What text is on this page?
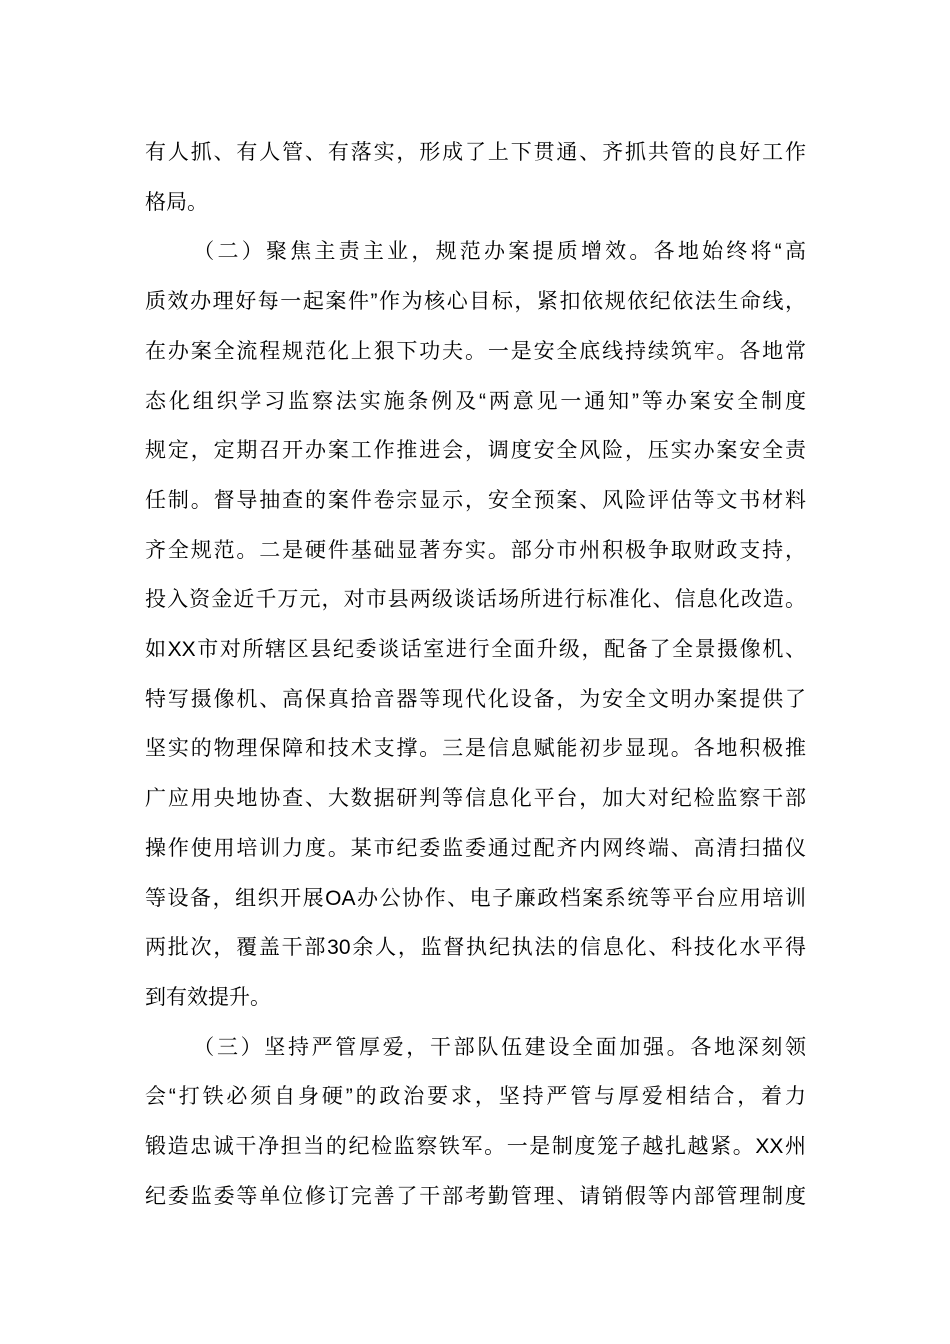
有人抓、有人管、有落实，形成了上下贯通、齐抓共管的良好工作
格局。
（二）聚焦主责主业，规范办案提质增效。各地始终将“高
质效办理好每一起案件”作为核心目标，紧扣依规依纪依法生命线，
在办案全流程规范化上狠下功夫。一是安全底线持续筑牢。各地常
态化组织学习监察法实施条例及“两意见一通知”等办案安全制度
规定，定期召开办案工作推进会，调度安全风险，压实办案安全责
任制。督导抽查的案件卷宗显示，安全预案、风险评估等文书材料
齐全规范。二是硬件基础显著夯实。部分市州积极争取财政支持，
投入资金近千万元，对市县两级谈话场所进行标准化、信息化改造。
如XX市对所辖区县纪委谈话室进行全面升级，配备了全景摄像机、
特写摄像机、高保真拾音器等现代化设备，为安全文明办案提供了
坚实的物理保障和技术支撑。三是信息赋能初步显现。各地积极推
广应用央地协查、大数据研判等信息化平台，加大对纪检监察干部
操作使用培训力度。某市纪委监委通过配齐内网终端、高清扫描仪
等设备，组织开展OA办公协作、电子廉政档案系统等平台应用培训
两批次，覆盖干部30余人，监督执纪执法的信息化、科技化水平得
到有效提升。
（三）坚持严管厚爱，干部队伍建设全面加强。各地深刻领
会“打铁必须自身硬”的政治要求，坚持严管与厚爱相结合，着力
锻造忠诚干净担当的纪检监察铁军。一是制度笼子越扎越紧。XX州
纪委监委等单位修订完善了干部考勤管理、请销假等内部管理制度
